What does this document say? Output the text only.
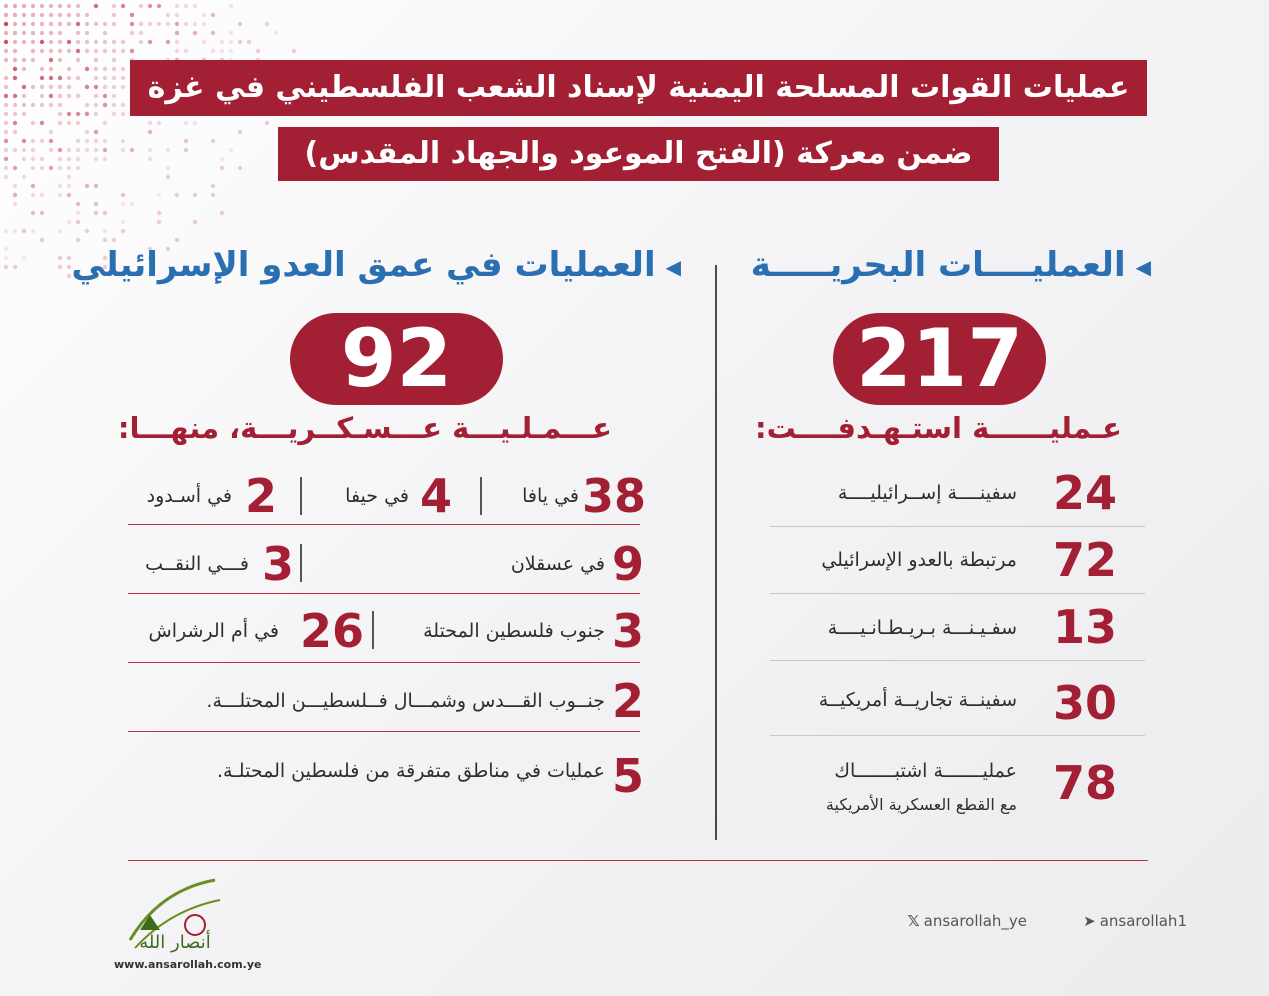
عمليات القوات المسلحة اليمنية لإسناد الشعب الفلسطيني في غزة
ضمن معركة (الفتح الموعود والجهاد المقدس)
◀العمليــــات البحريـــــة
◀العمليات في عمق العدو الإسرائيلي
217
92
عـمليــــــة استـهـدفــــت:
عـــمـلـيـــة عـــسـكــريـــة، منهـــا:
24
سفينــــة إســرائيليــــة
72
مرتبطة بالعدو الإسرائيلي
13
سفـيـنـــة بـريـطـانـيــــة
30
سفينــة تجاريــة أمريكيــة
78
عمليـــــــة اشتبـــــــاك
مع القطع العسكرية الأمريكية
38
في يافا
4
في حيفا
2
في أسـدود
9
في عسقلان
3
فـــي النقــب
3
جنوب فلسطين المحتلة
26
في أم الرشراش
2
جنــوب القـــدس وشمـــال فــلسطيـــن المحتلـــة.
5
عمليات في مناطق متفرقة من فلسطين المحتلـة.
أنصار الله
www.ansarollah.com.ye
𝕏 ansarollah_ye	➤ ansarollah1
